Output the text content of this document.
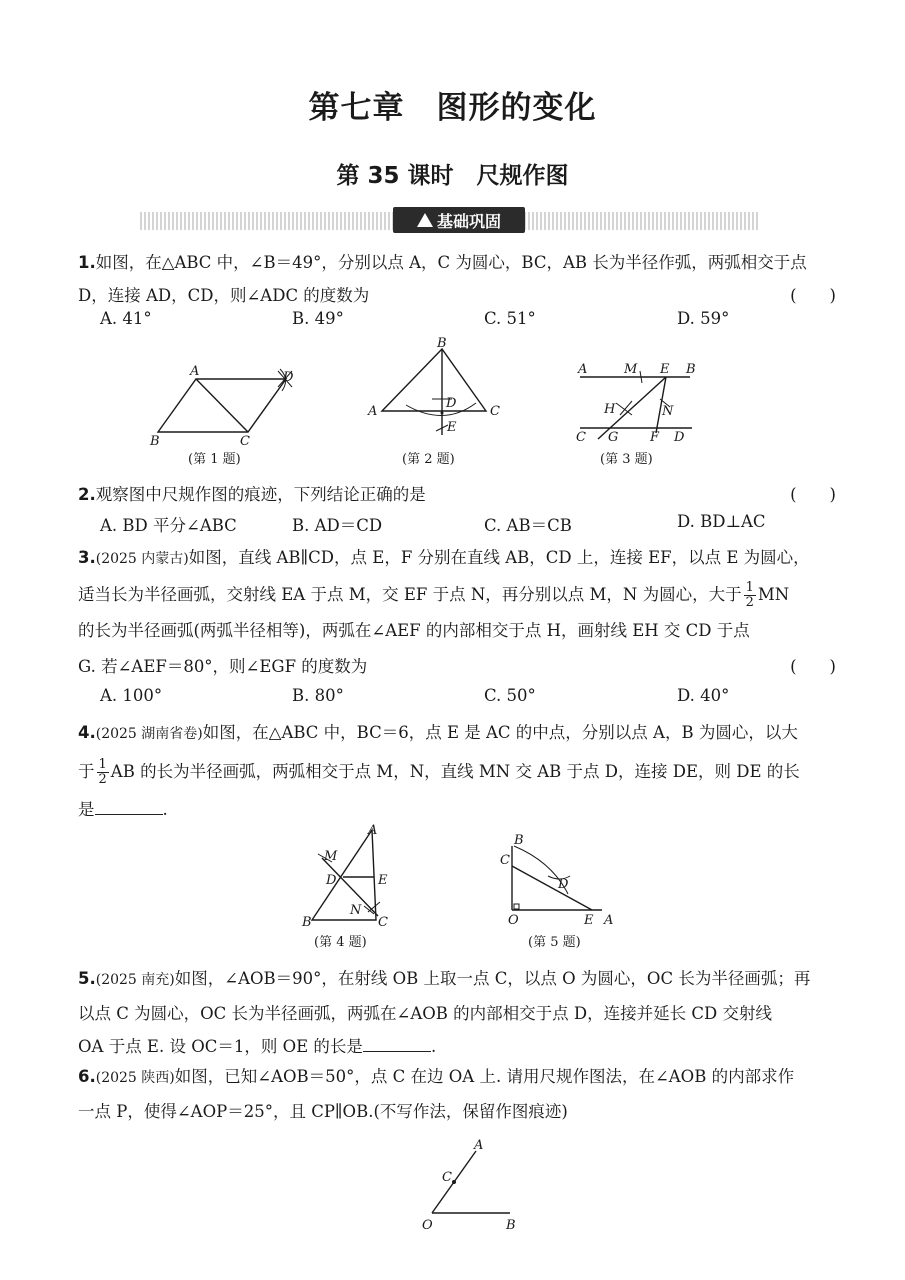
第七章　图形的变化
第 35 课时　尺规作图
基础巩固
1.如图，在△ABC 中，∠B＝49°，分别以点 A，C 为圆心，BC，AB 长为半径作弧，两弧相交于点
D，连接 AD，CD，则∠ADC 的度数为	(　　)
A. 41°	B. 49°	C. 51°	D. 59°
A	D
B	C
(第 1 题)
B
A	C
D
E
(第 2 题)
A	M E B
H	N
C G F D
(第 3 题)
2.观察图中尺规作图的痕迹，下列结论正确的是	(　　)
A. BD 平分∠ABC	B. AD＝CD	C. AB＝CB	D. BD⊥AC
3.(2025 内蒙古)如图，直线 AB∥CD，点 E，F 分别在直线 AB，CD 上，连接 EF，以点 E 为圆心，
适当长为半径画弧，交射线 EA 于点 M，交 EF 于点 N，再分别以点 M，N 为圆心，大于 $\frac{1}{2}$ MN
的长为半径画弧(两弧半径相等)，两弧在∠AEF 的内部相交于点 H，画射线 EH 交 CD 于点
G. 若∠AEF＝80°，则∠EGF 的度数为	(　　)
A. 100°	B. 80°	C. 50°	D. 40°
4.(2025 湖南省卷)如图，在△ABC 中，BC＝6，点 E 是 AC 的中点，分别以点 A，B 为圆心，以大
于 $\frac{1}{2}$ AB 的长为半径画弧，两弧相交于点 M，N，直线 MN 交 AB 于点 D，连接 DE，则 DE 的长
是	.
A
M
D	E
N
B	C
(第 4 题)
B
C
D
O	E A
(第 5 题)
5.(2025 南充)如图，∠AOB＝90°，在射线 OB 上取一点 C，以点 O 为圆心，OC 长为半径画弧；再
以点 C 为圆心，OC 长为半径画弧，两弧在∠AOB 的内部相交于点 D，连接并延长 CD 交射线
OA 于点 E. 设 OC＝1，则 OE 的长是	.
6.(2025 陕西)如图，已知∠AOB＝50°，点 C 在边 OA 上. 请用尺规作图法，在∠AOB 的内部求作
一点 P，使得∠AOP＝25°，且 CP∥OB.(不写作法，保留作图痕迹)
A
C
O	B
